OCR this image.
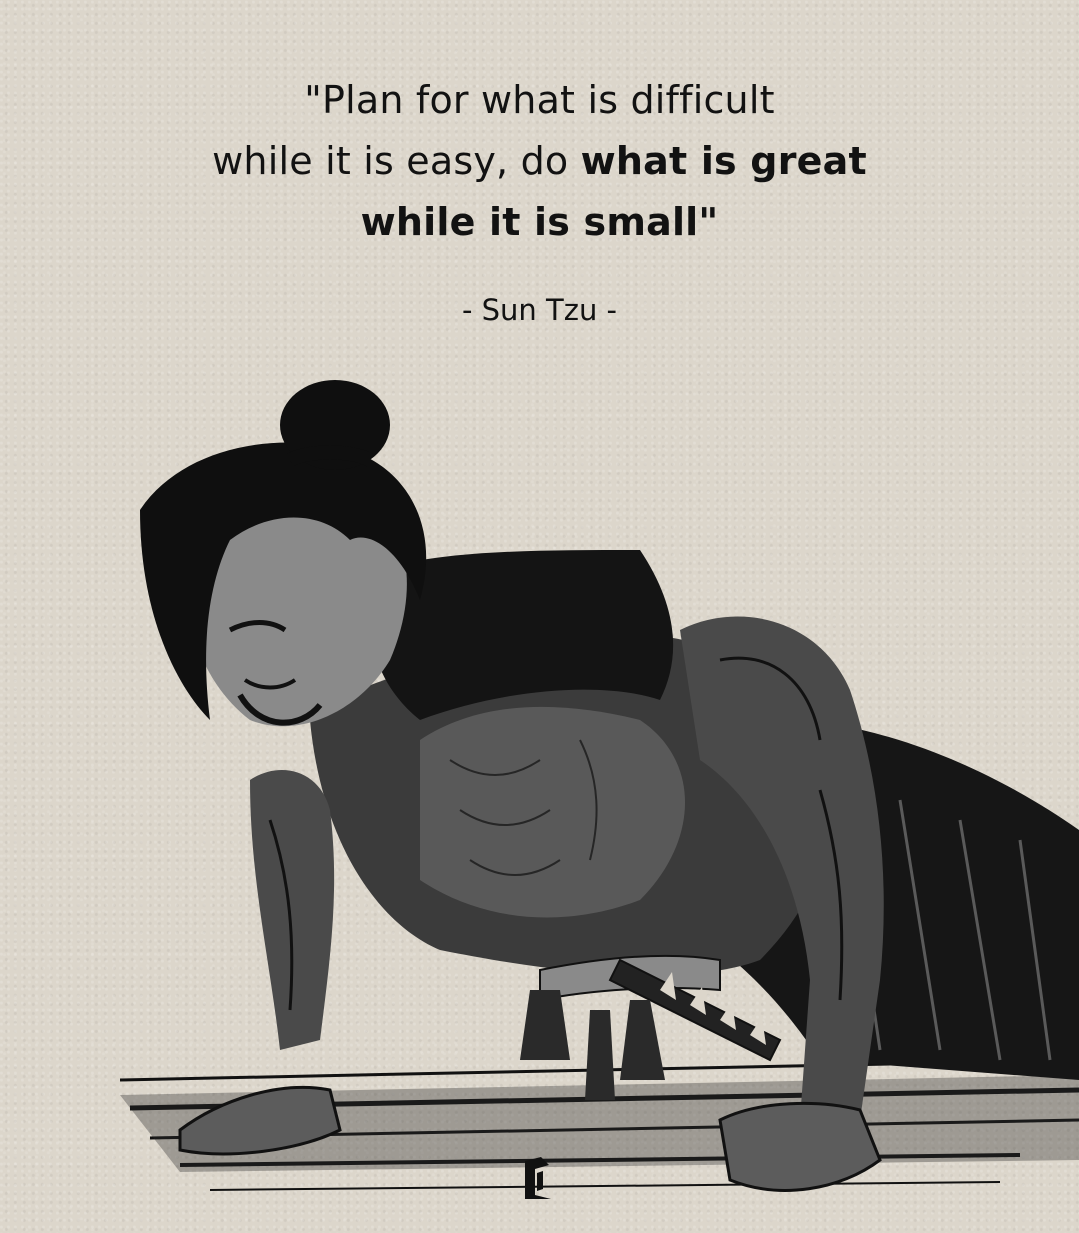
"Plan for what is difficult
while it is easy, do what is great
while it is small"
- Sun Tzu -
